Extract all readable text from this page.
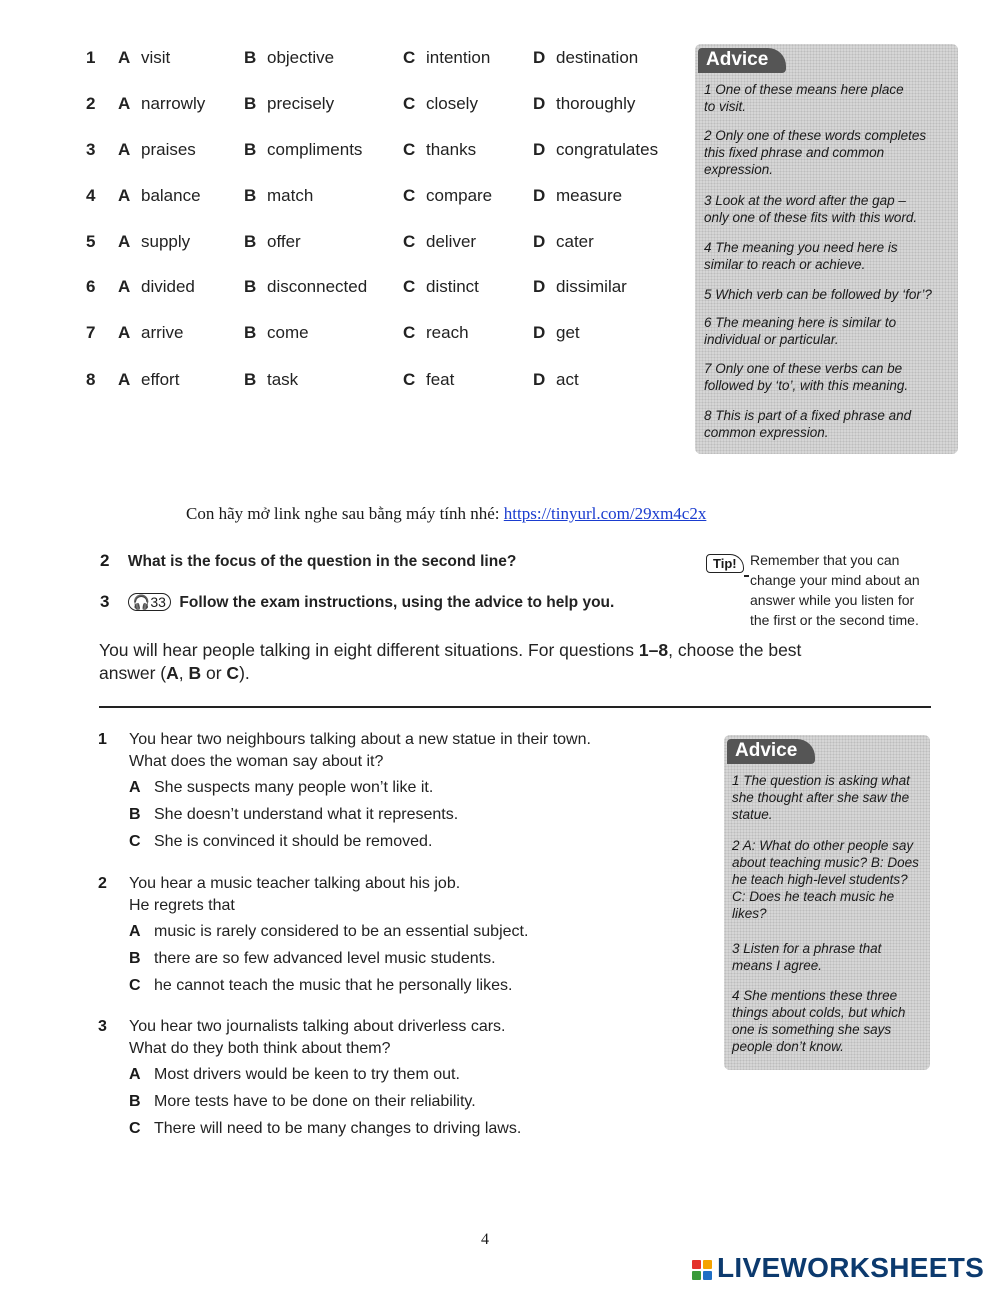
1 A visit	B objective	C intention	D destination
2 A narrowly B precisely	C closely	D thoroughly
3 A praises	B compliments C thanks	D congratulates
4 A balance	B match	C compare D measure
5 A supply	B offer	C deliver	D cater
6 A divided	B disconnected C distinct	D dissimilar
7 A arrive	B come	C reach	D get
8 A effort	B task	C feat	D act
Advice
1 One of these means here place
to visit.
2 Only one of these words completes
this fixed phrase and common
expression.
3 Look at the word after the gap –
only one of these fits with this word.
4 The meaning you need here is
similar to reach or achieve.
5 Which verb can be followed by ‘for’?
6 The meaning here is similar to
individual or particular.
7 Only one of these verbs can be
followed by ‘to’, with this meaning.
8 This is part of a fixed phrase and
common expression.
Con hãy mở link nghe sau bằng máy tính nhé: https://tinyurl.com/29xm4c2x
2 What is the focus of the question in the second line?
3 🎧33 Follow the exam instructions, using the advice to help you.
Tip! Remember that you can
change your mind about an
answer while you listen for
the first or the second time.
You will hear people talking in eight different situations. For questions 1–8, choose the best
answer (A, B or C).
1 You hear two neighbours talking about a new statue in their town.
What does the woman say about it?
A She suspects many people won’t like it.
B She doesn’t understand what it represents.
C She is convinced it should be removed.
2 You hear a music teacher talking about his job.
He regrets that
A music is rarely considered to be an essential subject.
B there are so few advanced level music students.
C he cannot teach the music that he personally likes.
3 You hear two journalists talking about driverless cars.
What do they both think about them?
A Most drivers would be keen to try them out.
B More tests have to be done on their reliability.
C There will need to be many changes to driving laws.
Advice
1 The question is asking what
she thought after she saw the
statue.
2 A: What do other people say
about teaching music? B: Does
he teach high-level students?
C: Does he teach music he
likes?
3 Listen for a phrase that
means I agree.
4 She mentions these three
things about colds, but which
one is something she says
people don’t know.
4
LIVEWORKSHEETS
